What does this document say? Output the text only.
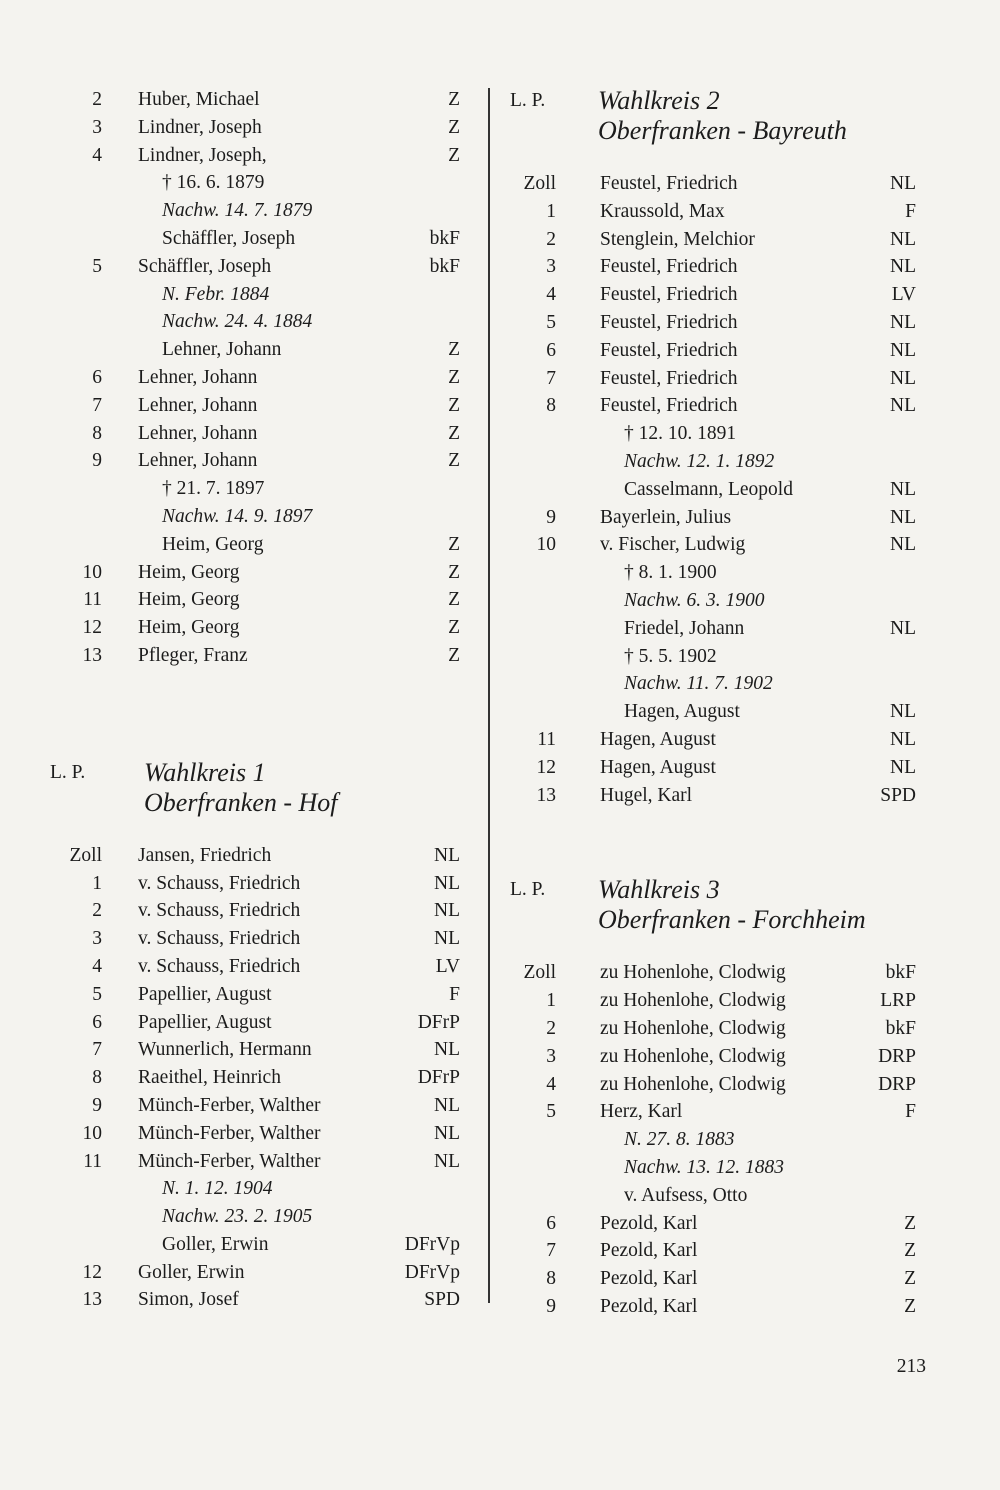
2 Huber, Michael	Z
3 Lindner, Joseph	Z
4 Lindner, Joseph,	Z
† 16. 6. 1879
Nachw. 14. 7. 1879
Schäffler, Joseph	bkF
5 Schäffler, Joseph	bkF
N. Febr. 1884
Nachw. 24. 4. 1884
Lehner, Johann	Z
6 Lehner, Johann	Z
7 Lehner, Johann	Z
8 Lehner, Johann	Z
9 Lehner, Johann	Z
† 21. 7. 1897
Nachw. 14. 9. 1897
Heim, Georg	Z
10 Heim, Georg	Z
11 Heim, Georg	Z
12 Heim, Georg	Z
13 Pfleger, Franz	Z
L. P. Wahlkreis 1
Oberfranken - Hof
Zoll Jansen, Friedrich	NL
1 v. Schauss, Friedrich	NL
2 v. Schauss, Friedrich	NL
3 v. Schauss, Friedrich	NL
4 v. Schauss, Friedrich	LV
5 Papellier, August	F
6 Papellier, August	DFrP
7 Wunnerlich, Hermann	NL
8 Raeithel, Heinrich	DFrP
9 Münch-Ferber, Walther	NL
10 Münch-Ferber, Walther	NL
11 Münch-Ferber, Walther	NL
N. 1. 12. 1904
Nachw. 23. 2. 1905
Goller, Erwin	DFrVp
12 Goller, Erwin	DFrVp
13 Simon, Josef	SPD
L. P. Wahlkreis 2
Oberfranken - Bayreuth
Zoll Feustel, Friedrich	NL
1 Kraussold, Max	F
2 Stenglein, Melchior	NL
3 Feustel, Friedrich	NL
4 Feustel, Friedrich	LV
5 Feustel, Friedrich	NL
6 Feustel, Friedrich	NL
7 Feustel, Friedrich	NL
8 Feustel, Friedrich	NL
† 12. 10. 1891
Nachw. 12. 1. 1892
Casselmann, Leopold	NL
9 Bayerlein, Julius	NL
10 v. Fischer, Ludwig	NL
† 8. 1. 1900
Nachw. 6. 3. 1900
Friedel, Johann	NL
† 5. 5. 1902
Nachw. 11. 7. 1902
Hagen, August	NL
11 Hagen, August	NL
12 Hagen, August	NL
13 Hugel, Karl	SPD
L. P. Wahlkreis 3
Oberfranken - Forchheim
Zoll zu Hohenlohe, Clodwig	bkF
1 zu Hohenlohe, Clodwig	LRP
2 zu Hohenlohe, Clodwig	bkF
3 zu Hohenlohe, Clodwig	DRP
4 zu Hohenlohe, Clodwig	DRP
5 Herz, Karl	F
N. 27. 8. 1883
Nachw. 13. 12. 1883
v. Aufsess, Otto
6 Pezold, Karl	Z
7 Pezold, Karl	Z
8 Pezold, Karl	Z
9 Pezold, Karl	Z
213
